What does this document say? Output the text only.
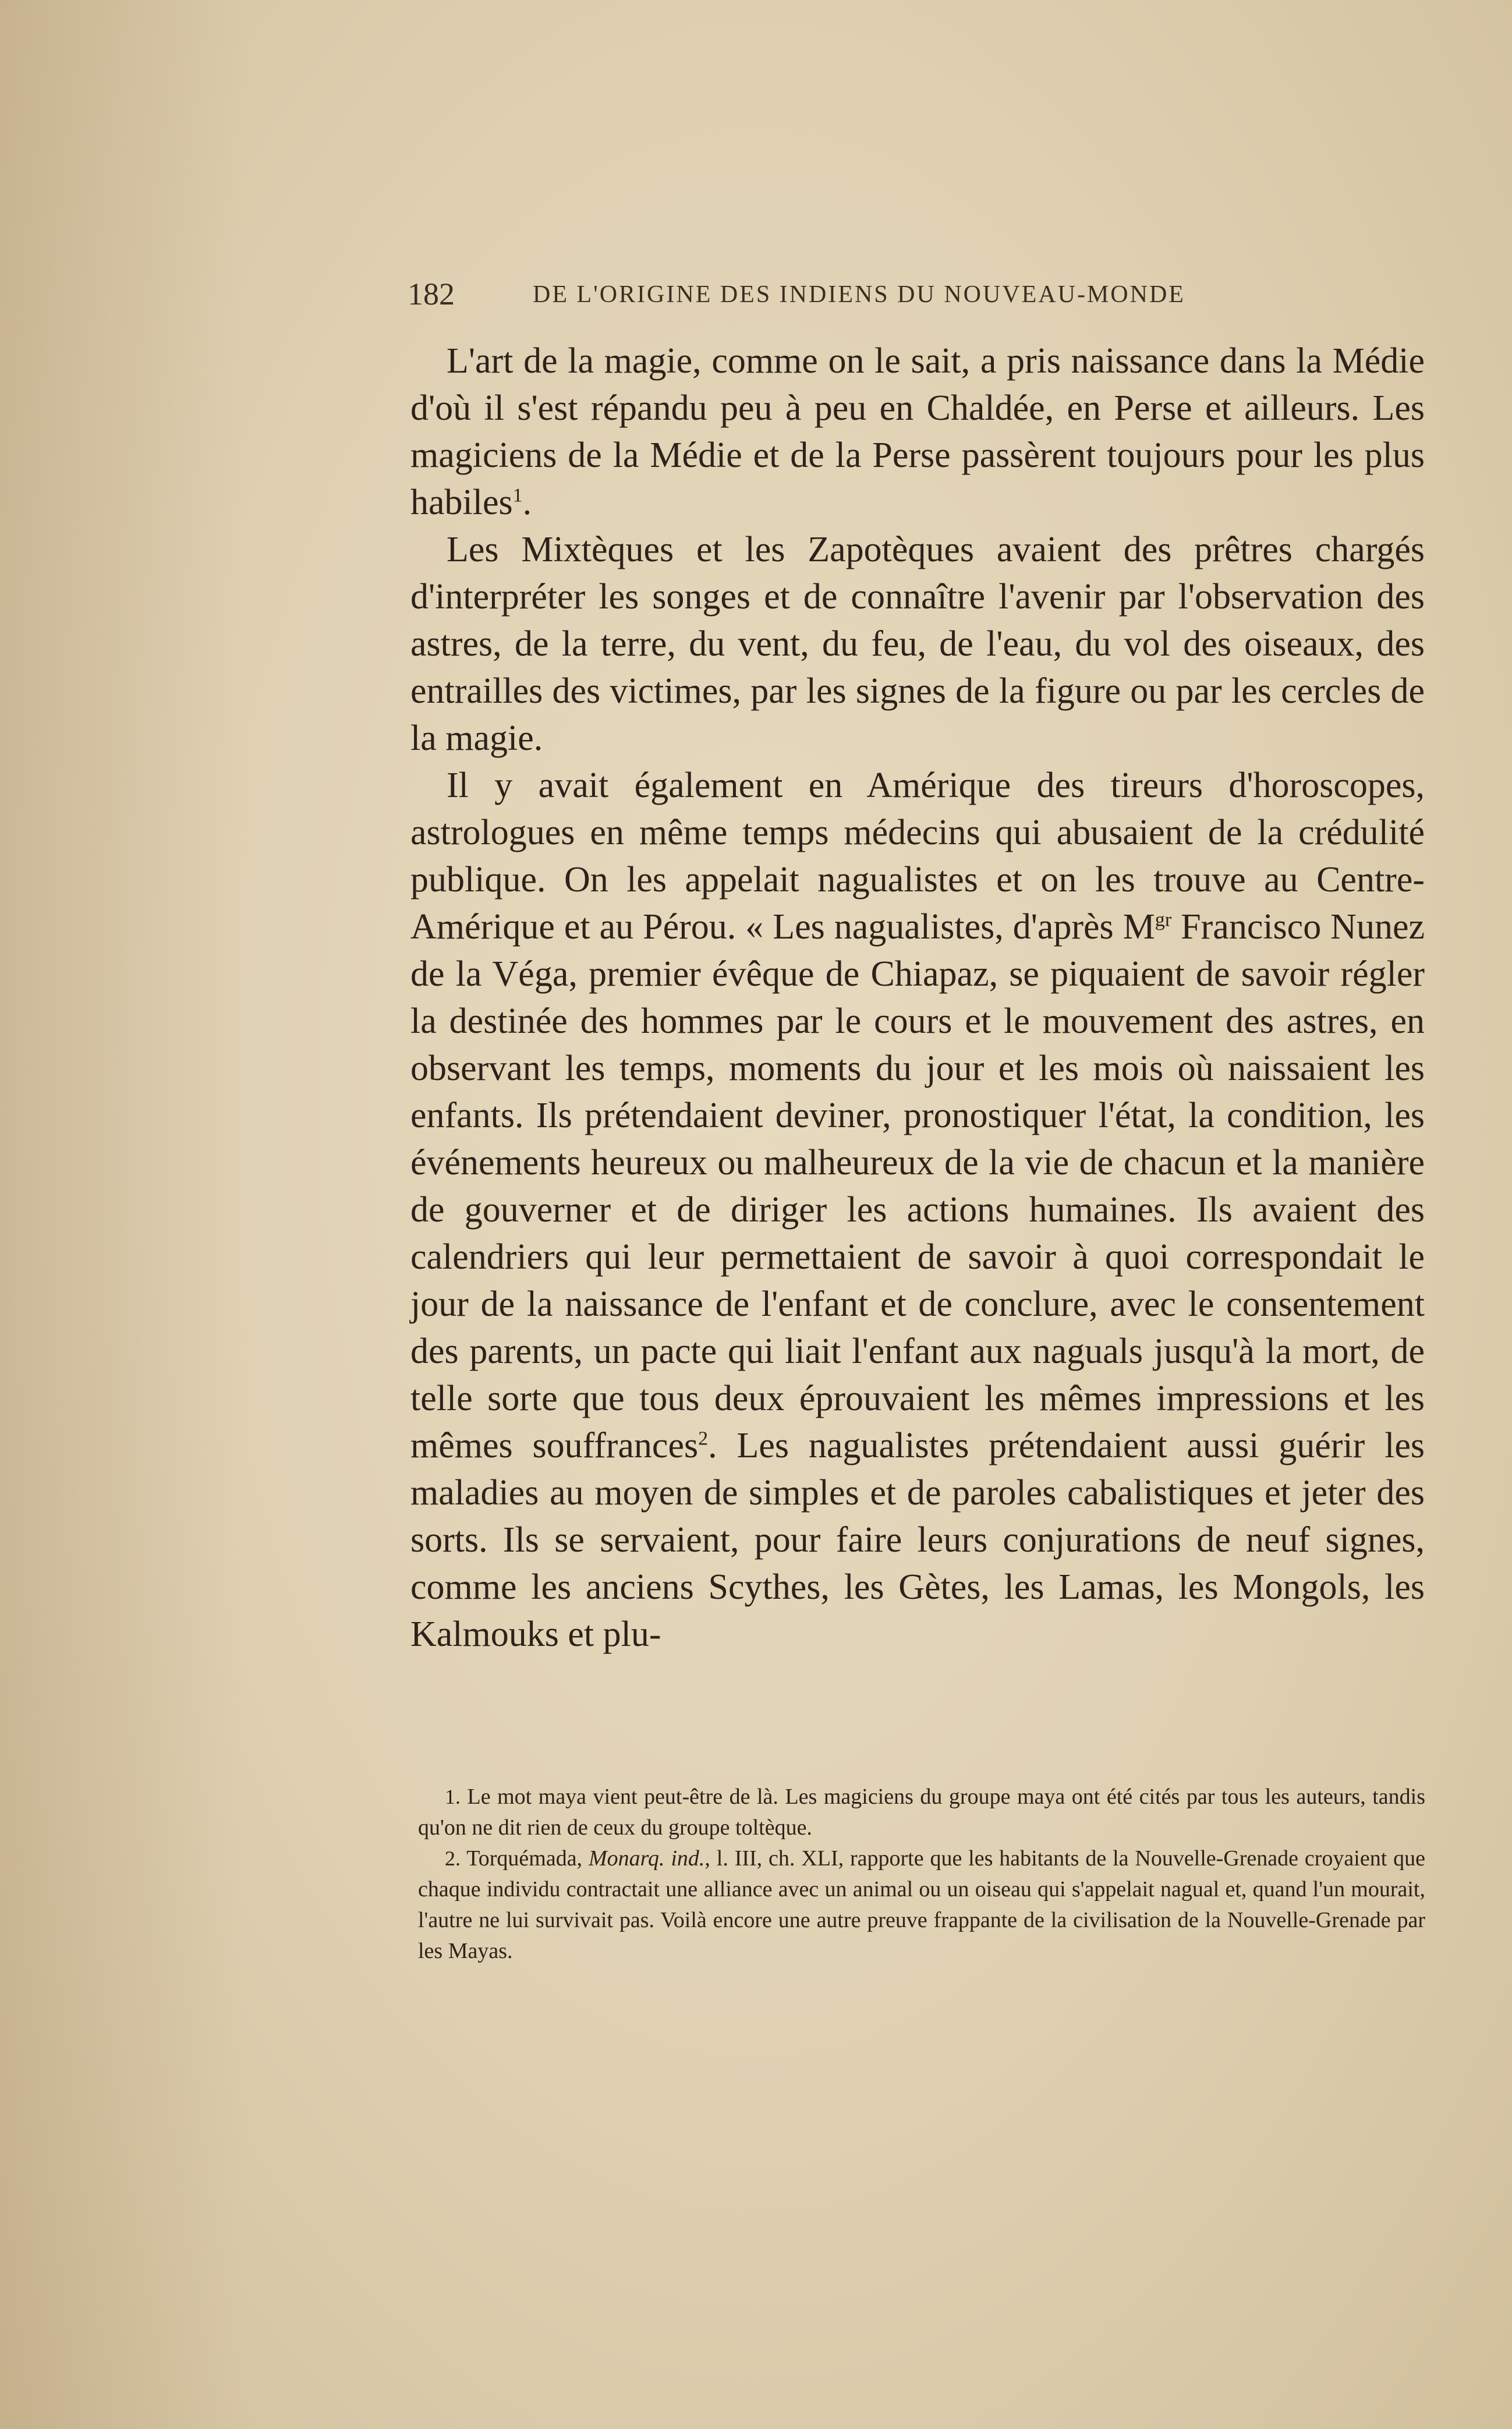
182	DE L'ORIGINE DES INDIENS DU NOUVEAU-MONDE

L'art de la magie, comme on le sait, a pris naissance dans la Médie d'où il s'est répandu peu à peu en Chaldée, en Perse et ailleurs. Les magiciens de la Médie et de la Perse passèrent toujours pour les plus habiles$^1$.

Les Mixtèques et les Zapotèques avaient des prêtres chargés d'interpréter les songes et de connaître l'avenir par l'observation des astres, de la terre, du vent, du feu, de l'eau, du vol des oiseaux, des entrailles des victimes, par les signes de la figure ou par les cercles de la magie.

Il y avait également en Amérique des tireurs d'horoscopes, astrologues en même temps médecins qui abusaient de la crédulité publique. On les appelait nagualistes et on les trouve au Centre-Amérique et au Pérou. « Les nagualistes, d'après $M^{gr}$ Francisco Nunez de la Véga, premier évêque de Chiapaz, se piquaient de savoir régler la destinée des hommes par le cours et le mouvement des astres, en observant les temps, moments du jour et les mois où naissaient les enfants. Ils prétendaient deviner, pronostiquer l'état, la condition, les événements heureux ou malheureux de la vie de chacun et la manière de gouverner et de diriger les actions humaines. Ils avaient des calendriers qui leur permettaient de savoir à quoi correspondait le jour de la naissance de l'enfant et de conclure, avec le consentement des parents, un pacte qui liait l'enfant aux naguals jusqu'à la mort, de telle sorte que tous deux éprouvaient les mêmes impressions et les mêmes souffrances$^2$. Les nagualistes prétendaient aussi guérir les maladies au moyen de simples et de paroles cabalistiques et jeter des sorts. Ils se servaient, pour faire leurs conjurations de neuf signes, comme les anciens Scythes, les Gètes, les Lamas, les Mongols, les Kalmouks et plu-

1. Le mot maya vient peut-être de là. Les magiciens du groupe maya ont été cités par tous les auteurs, tandis qu'on ne dit rien de ceux du groupe toltèque.

2. Torquémada, Monarq. ind., l. III, ch. XLI, rapporte que les habitants de la Nouvelle-Grenade croyaient que chaque individu contractait une alliance avec un animal ou un oiseau qui s'appelait nagual et, quand l'un mourait, l'autre ne lui survivait pas. Voilà encore une autre preuve frappante de la civilisation de la Nouvelle-Grenade par les Mayas.
